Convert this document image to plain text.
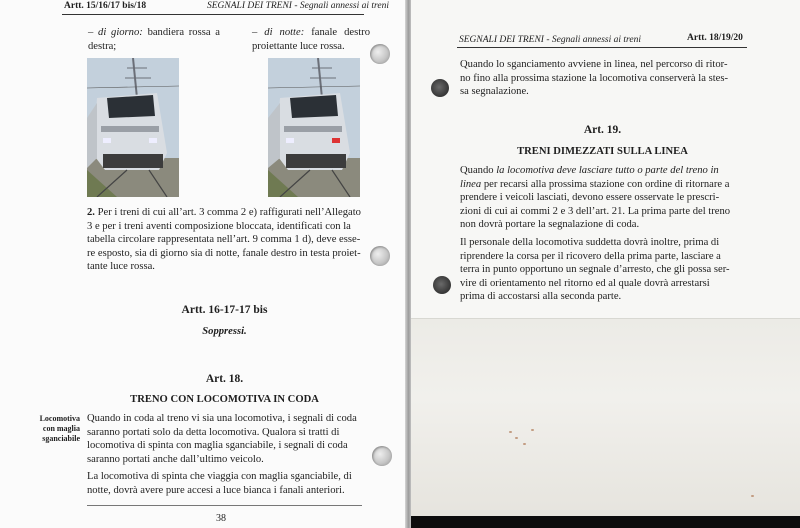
Artt. 15/16/17 bis/18	SEGNALI DEI TRENI - Segnali annessi ai treni
– di giorno: bandiera rossa a destra;
– di notte: fanale destro proiettante luce rossa.
2. Per i treni di cui all’art. 3 comma 2 e) raffigurati nell’Allegato
3 e per i treni aventi composizione bloccata, identificati con la
tabella circolare rappresentata nell’art. 9 comma 1 d), deve esse-
re esposto, sia di giorno sia di notte, fanale destro in testa proiet-
tante luce rossa.
Artt. 16-17-17 bis
Soppressi.
Art. 18.
TRENO CON LOCOMOTIVA IN CODA
Locomotiva
con maglia
sganciabile
Quando in coda al treno vi sia una locomotiva, i segnali di coda
saranno portati solo da detta locomotiva. Qualora si tratti di
locomotiva di spinta con maglia sganciabile, i segnali di coda
saranno portati anche dall’ultimo veicolo.
La locomotiva di spinta che viaggia con maglia sganciabile, di
notte, dovrà avere pure accesi a luce bianca i fanali anteriori.
38
SEGNALI DEI TRENI - Segnali annessi ai treni	Artt. 18/19/20
Quando lo sganciamento avviene in linea, nel percorso di ritor-
no fino alla prossima stazione la locomotiva conserverà la stes-
sa segnalazione.
Art. 19.
TRENI DIMEZZATI SULLA LINEA
Quando la locomotiva deve lasciare tutto o parte del treno in
linea per recarsi alla prossima stazione con ordine di ritornare a
prendere i veicoli lasciati, devono essere osservate le prescri-
zioni di cui ai commi 2 e 3 dell’art. 21. La prima parte del treno
non dovrà portare la segnalazione di coda.
Il personale della locomotiva suddetta dovrà inoltre, prima di
riprendere la corsa per il ricovero della prima parte, lasciare a
terra in punto opportuno un segnale d’arresto, che gli possa ser-
vire di orientamento nel ritorno ed al quale dovrà arrestarsi
prima di accostarsi alla seconda parte.
